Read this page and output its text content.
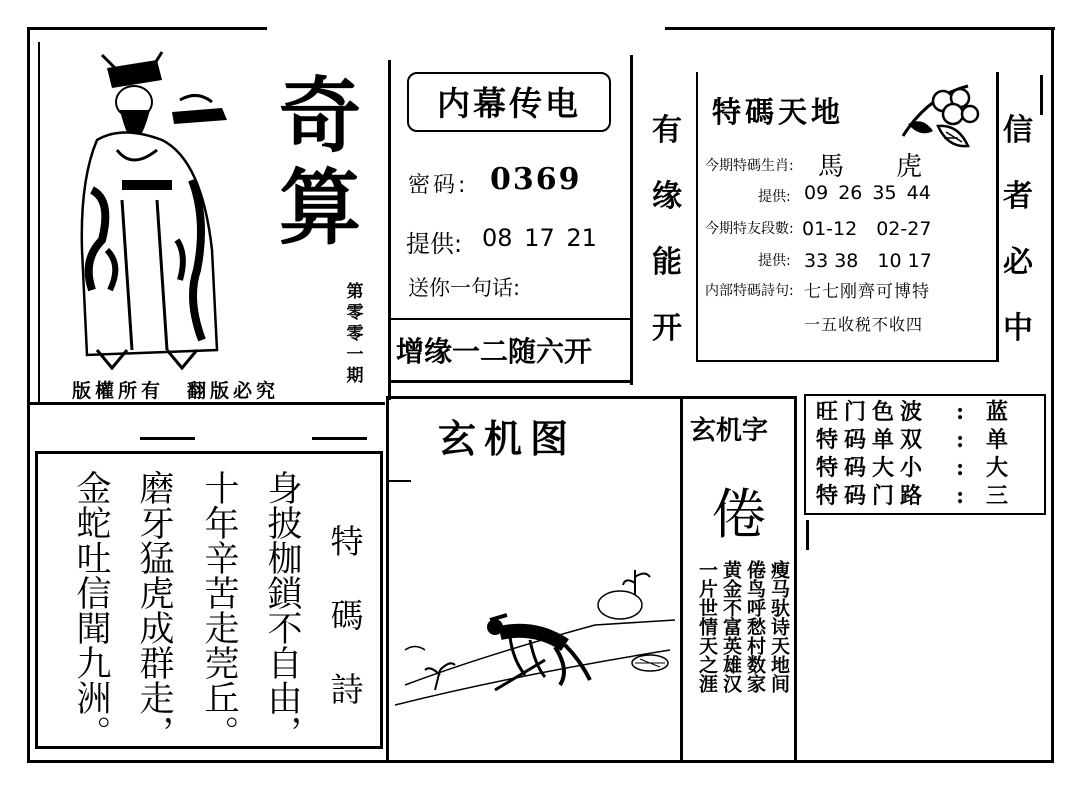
奇
算
第
零
零
一
期
版權所有　翻版必究
特
碼
詩
身披枷鎖不自由，
十年辛苦走莞丘。
磨牙猛虎成群走，
金蛇吐信聞九洲。
内幕传电
密码: 0369
提供: 08 17 21
送你一句话:
增缘一二随六开
有
缘
能
开
特碼天地
今期特碼生肖: 馬　　虎
提供: 09 26 35 44
今期特友段數: 01-12　02-27
提供: 33 38　10 17
内部特碼詩句: 七七刚齊可博特
一五收税不收四
信
者
必
中
玄机图	玄机字
倦
一片世情天之涯 黄金不富英雄汉 倦鸟呼愁村数家 瘦马驮诗天地间
旺门色波	: 蓝
特码单双	: 单
特码大小	: 大
特码门路	: 三
